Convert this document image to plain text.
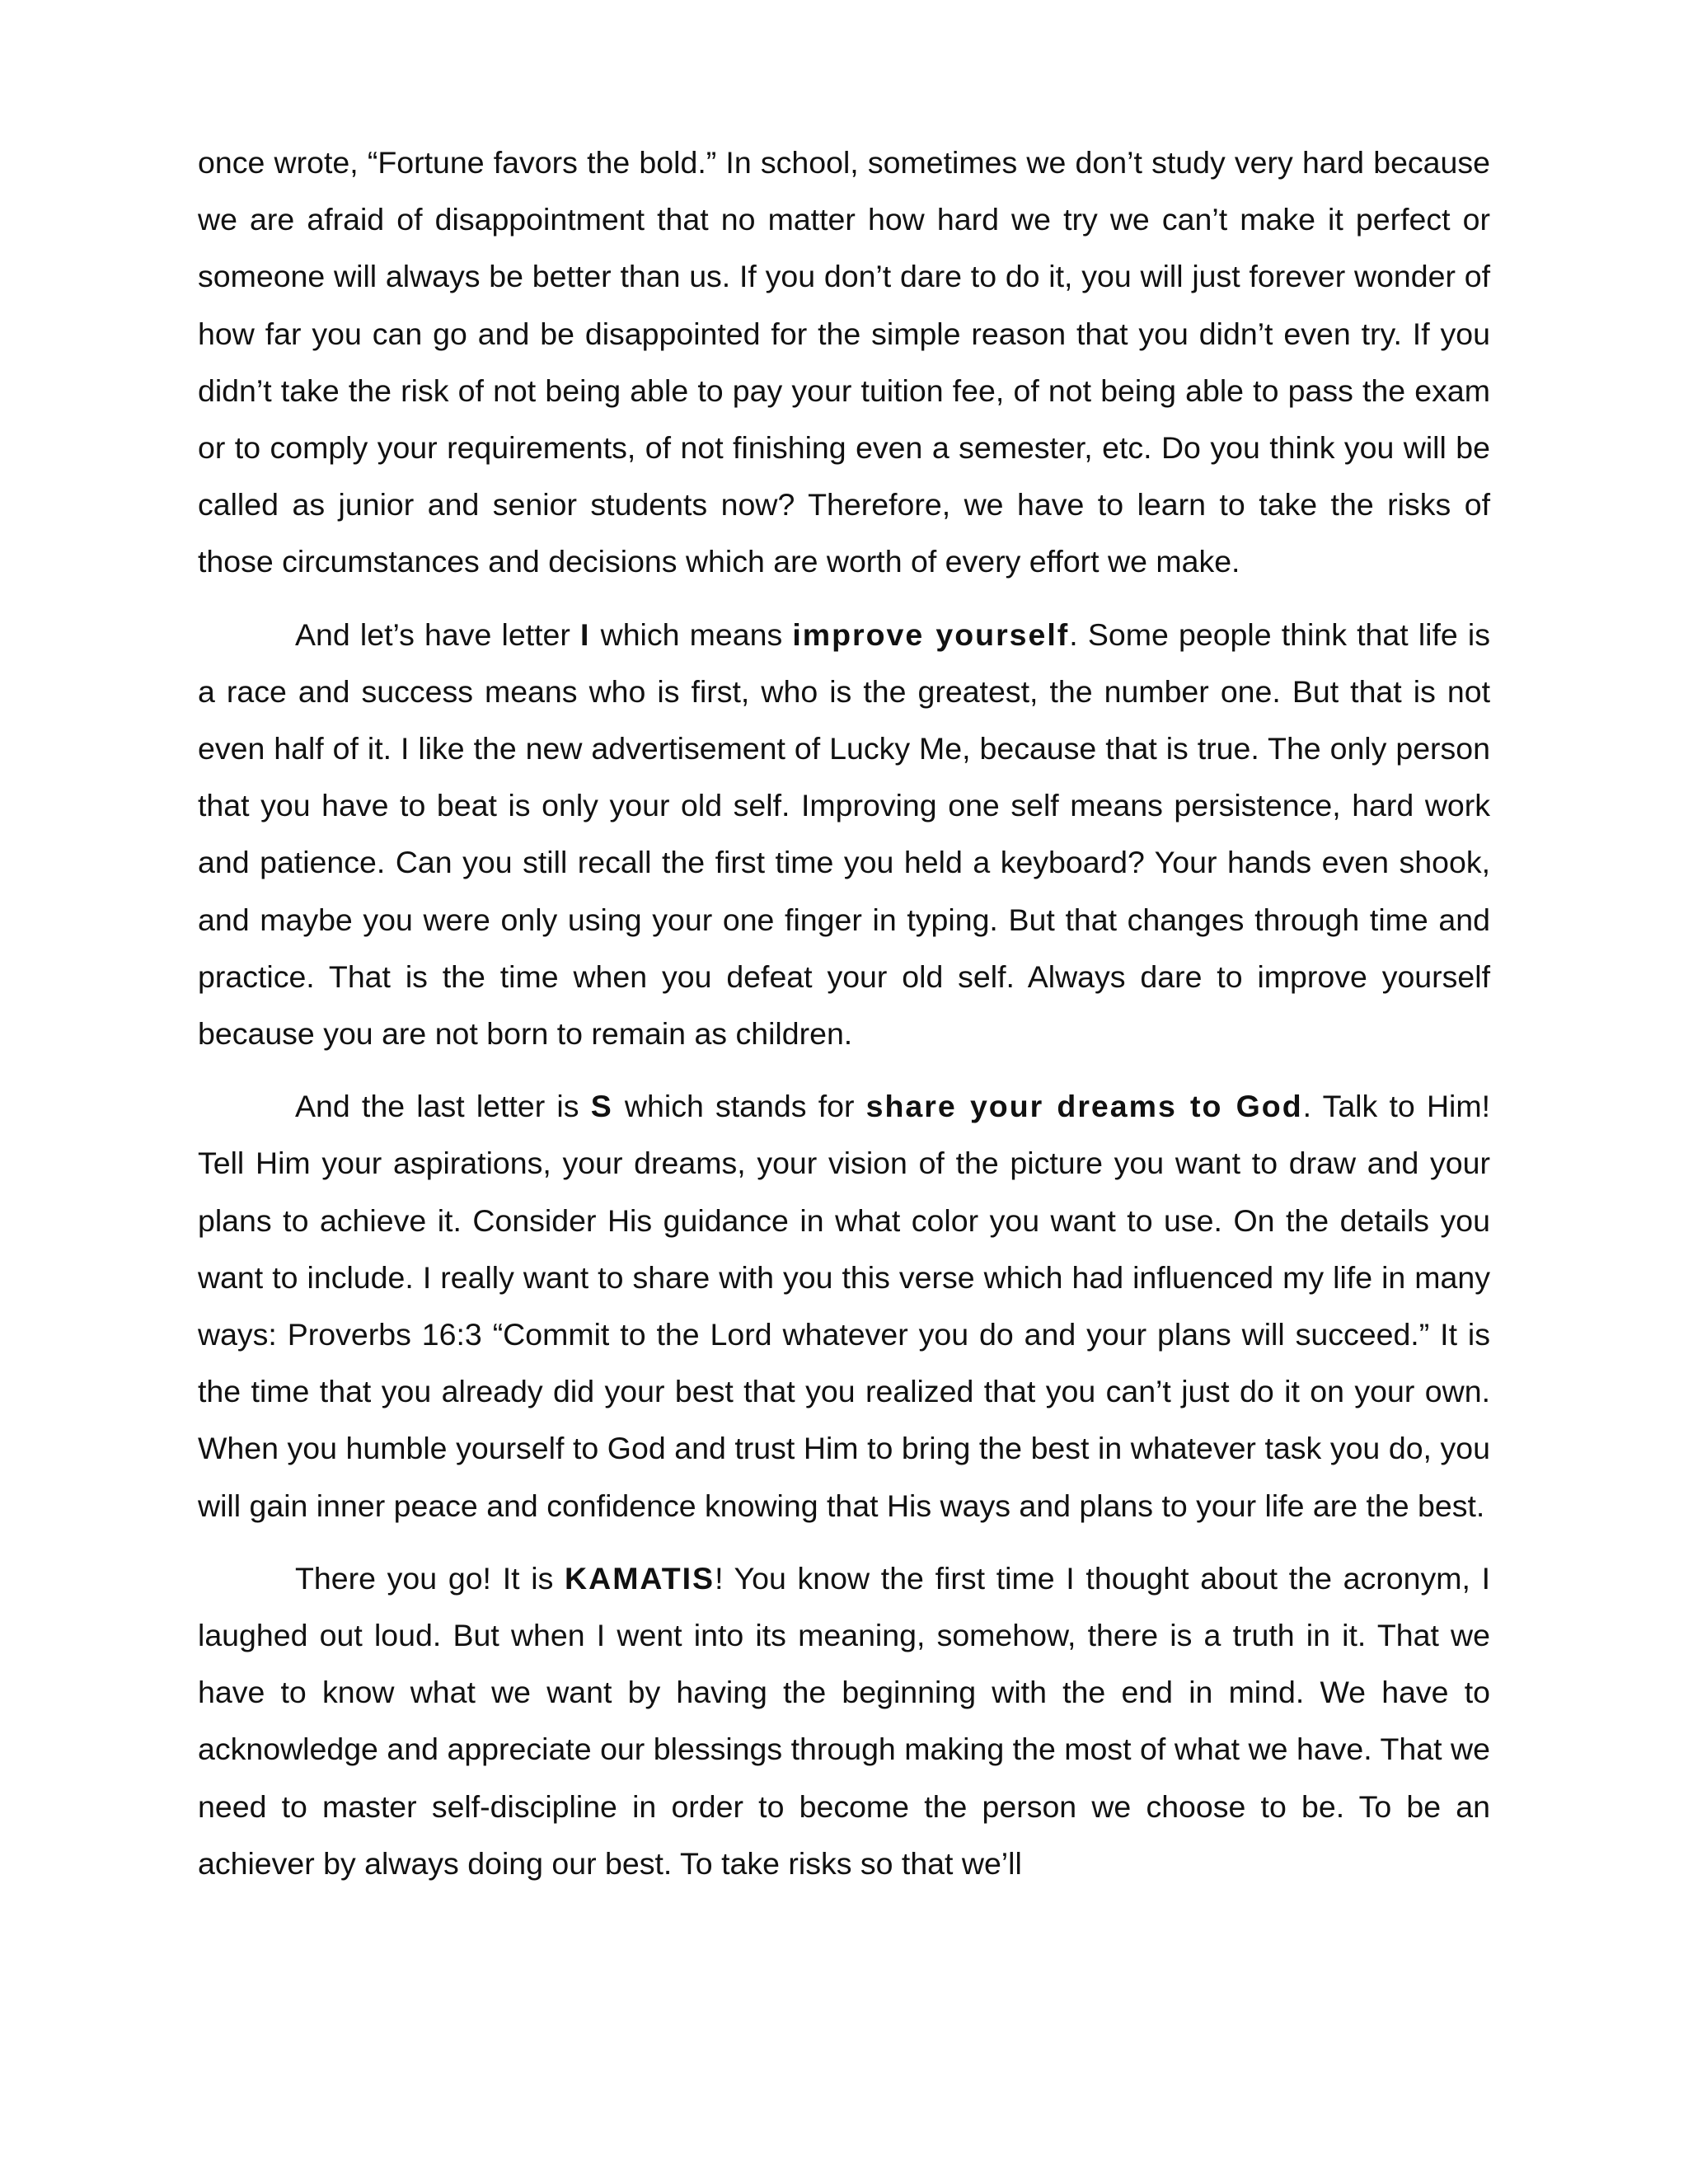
once wrote, “Fortune favors the bold.” In school, sometimes we don’t study very hard because we are afraid of disappointment that no matter how hard we try we can’t make it perfect or someone will always be better than us. If you don’t dare to do it, you will just forever wonder of how far you can go and be disappointed for the simple reason that you didn’t even try. If you didn’t take the risk of not being able to pay your tuition fee, of not being able to pass the exam or to comply your requirements, of not finishing even a semester, etc. Do you think you will be called as junior and senior students now? Therefore, we have to learn to take the risks of those circumstances and decisions which are worth of every effort we make.

And let’s have letter I which means improve yourself. Some people think that life is a race and success means who is first, who is the greatest, the number one. But that is not even half of it. I like the new advertisement of Lucky Me, because that is true. The only person that you have to beat is only your old self. Improving one self means persistence, hard work and patience. Can you still recall the first time you held a keyboard? Your hands even shook, and maybe you were only using your one finger in typing. But that changes through time and practice. That is the time when you defeat your old self. Always dare to improve yourself because you are not born to remain as children.

And the last letter is S which stands for share your dreams to God. Talk to Him! Tell Him your aspirations, your dreams, your vision of the picture you want to draw and your plans to achieve it. Consider His guidance in what color you want to use. On the details you want to include. I really want to share with you this verse which had influenced my life in many ways: Proverbs 16:3 “Commit to the Lord whatever you do and your plans will succeed.” It is the time that you already did your best that you realized that you can’t just do it on your own. When you humble yourself to God and trust Him to bring the best in whatever task you do, you will gain inner peace and confidence knowing that His ways and plans to your life are the best.

There you go! It is KAMATIS! You know the first time I thought about the acronym, I laughed out loud. But when I went into its meaning, somehow, there is a truth in it. That we have to know what we want by having the beginning with the end in mind. We have to acknowledge and appreciate our blessings through making the most of what we have. That we need to master self-discipline in order to become the person we choose to be. To be an achiever by always doing our best. To take risks so that we’ll
